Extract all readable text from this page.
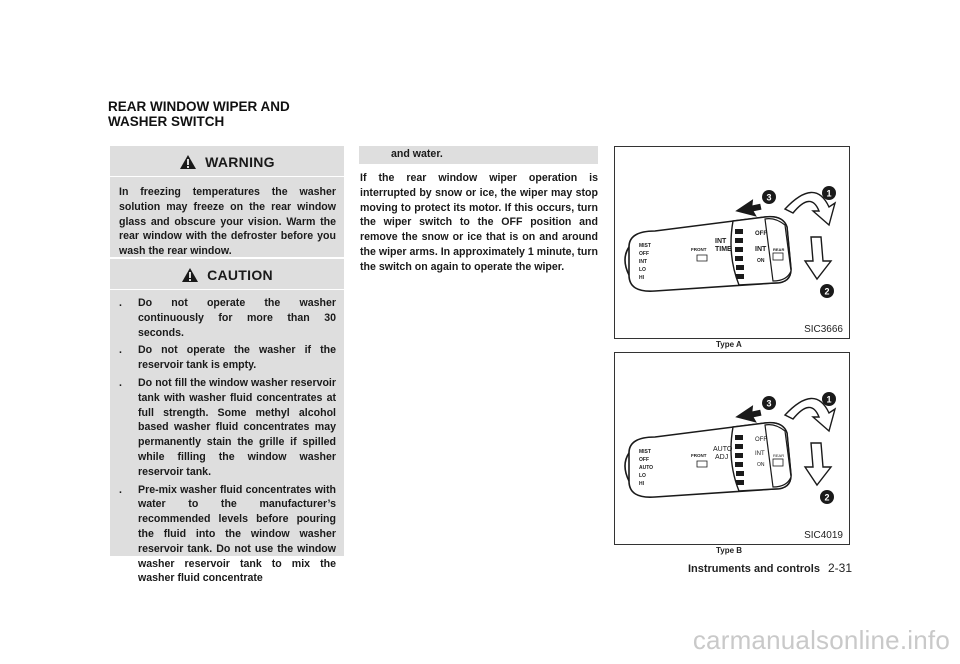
REAR WINDOW WIPER AND
WASHER SWITCH
WARNING
In freezing temperatures the washer solution may freeze on the rear window glass and obscure your vision. Warm the rear window with the defroster before you wash the rear window.
CAUTION
. Do not operate the washer continuously for more than 30 seconds.
. Do not operate the washer if the reservoir tank is empty.
. Do not fill the window washer reservoir tank with washer fluid concentrates at full strength. Some methyl alcohol based washer fluid concentrates may permanently stain the grille if spilled while filling the window washer reservoir tank.
. Pre-mix washer fluid concentrates with water to the manufacturer’s recommended levels before pouring the fluid into the window washer reservoir tank. Do not use the window washer reservoir tank to mix the washer fluid concentrate
and water.
If the rear window wiper operation is interrupted by snow or ice, the wiper may stop moving to protect its motor. If this occurs, turn the wiper switch to the OFF position and remove the snow or ice that is on and around the wiper arms. In approximately 1 minute, turn the switch on again to operate the wiper.
MIST
OFF
INT
LO
HI
FRONT
INT
TIME
OFF
INT
ON
REAR
3	1
2
SIC3666
Type A
MIST
OFF
AUTO
LO
HI
FRONT
AUTO
ADJ
OFF
INT
ON
REAR
3	1
2
SIC4019
Type B
Instruments and controls 2-31
carmanualsonline.info
